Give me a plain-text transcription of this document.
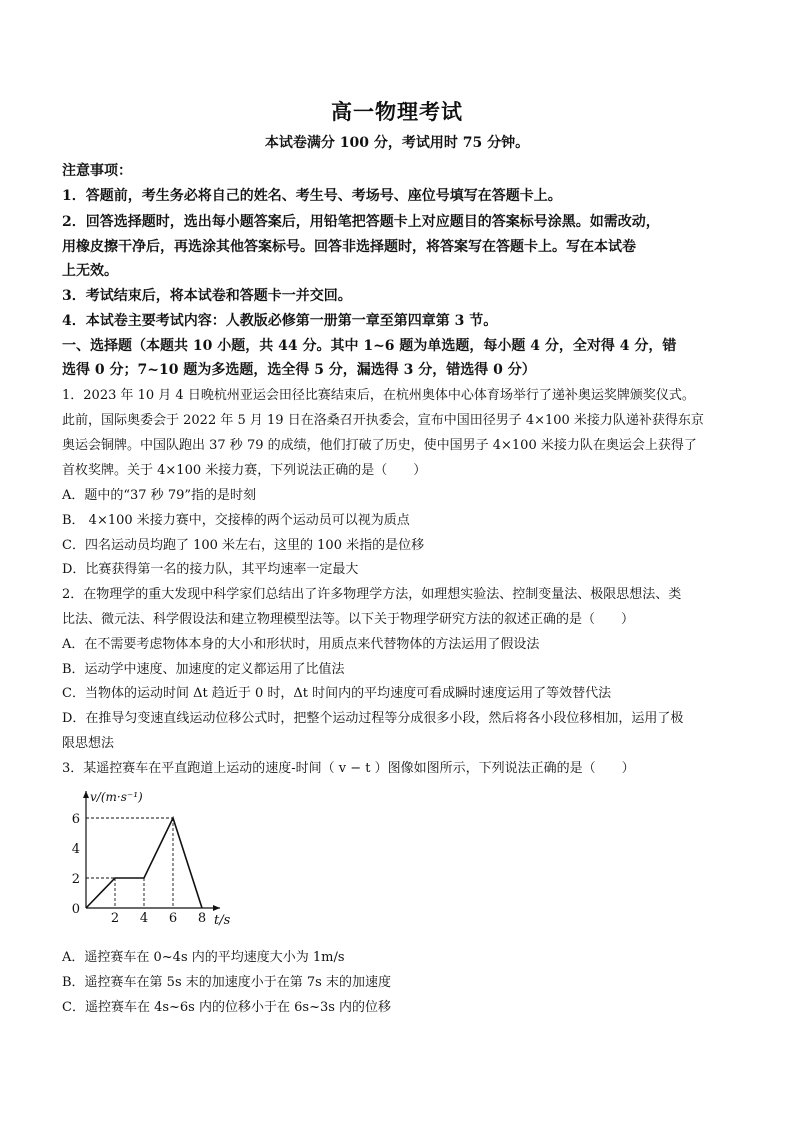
高一物理考试
本试卷满分 100 分，考试用时 75 分钟。
注意事项：
1．答题前，考生务必将自己的姓名、考生号、考场号、座位号填写在答题卡上。
2．回答选择题时，选出每小题答案后，用铅笔把答题卡上对应题目的答案标号涂黑。如需改动，
用橡皮擦干净后，再选涂其他答案标号。回答非选择题时，将答案写在答题卡上。写在本试卷
上无效。
3．考试结束后，将本试卷和答题卡一并交回。
4．本试卷主要考试内容：人教版必修第一册第一章至第四章第 3 节。
一、选择题（本题共 10 小题，共 44 分。其中 1~6 题为单选题，每小题 4 分，全对得 4 分，错
选得 0 分；7~10 题为多选题，选全得 5 分，漏选得 3 分，错选得 0 分）
1．2023 年 10 月 4 日晚杭州亚运会田径比赛结束后，在杭州奥体中心体育场举行了递补奥运奖牌颁奖仪式。
此前，国际奥委会于 2022 年 5 月 19 日在洛桑召开执委会，宣布中国田径男子 4×100 米接力队递补获得东京
奥运会铜牌。中国队跑出 37 秒 79 的成绩，他们打破了历史，使中国男子 4×100 米接力队在奥运会上获得了
首枚奖牌。关于 4×100 米接力赛，下列说法正确的是（　　）
A．题中的“37 秒 79”指的是时刻
B． 4×100 米接力赛中，交接棒的两个运动员可以视为质点
C．四名运动员均跑了 100 米左右，这里的 100 米指的是位移
D．比赛获得第一名的接力队，其平均速率一定最大
2．在物理学的重大发现中科学家们总结出了许多物理学方法，如理想实验法、控制变量法、极限思想法、类
比法、微元法、科学假设法和建立物理模型法等。以下关于物理学研究方法的叙述正确的是（　　）
A．在不需要考虑物体本身的大小和形状时，用质点来代替物体的方法运用了假设法
B．运动学中速度、加速度的定义都运用了比值法
C．当物体的运动时间 Δt 趋近于 0 时，Δt 时间内的平均速度可看成瞬时速度运用了等效替代法
D．在推导匀变速直线运动位移公式时，把整个运动过程等分成很多小段，然后将各小段位移相加，运用了极
限思想法
3．某遥控赛车在平直跑道上运动的速度-时间（ v − t ）图像如图所示，下列说法正确的是（　　）
2 4 6 8
2
4
6
0
v/(m·s⁻¹)
t/s
A．遥控赛车在 0~4s 内的平均速度大小为 1m/s
B．遥控赛车在第 5s 末的加速度小于在第 7s 末的加速度
C．遥控赛车在 4s~6s 内的位移小于在 6s~3s 内的位移
